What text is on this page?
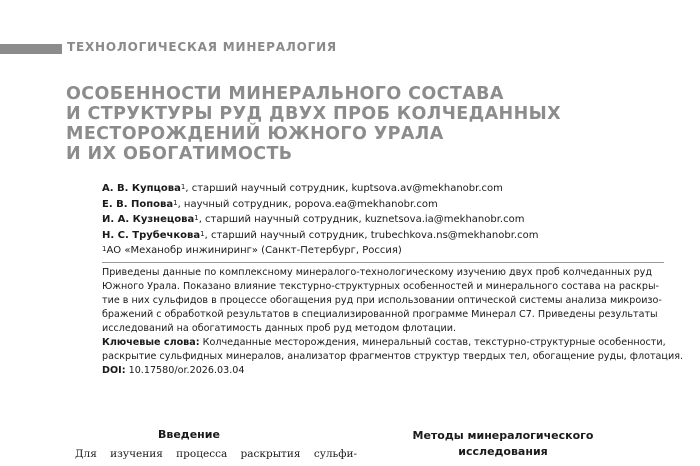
ТЕХНОЛОГИЧЕСКАЯ МИНЕРАЛОГИЯ
ОСОБЕННОСТИ МИНЕРАЛЬНОГО СОСТАВА
И СТРУКТУРЫ РУД ДВУХ ПРОБ КОЛЧЕДАННЫХ
МЕСТОРОЖДЕНИЙ ЮЖНОГО УРАЛА
И ИХ ОБОГАТИМОСТЬ
А. В. Купцова$^1$, старший научный сотрудник, kuptsova.av@mekhanobr.com
Е. В. Попова$^1$, научный сотрудник, popova.ea@mekhanobr.com
И. А. Кузнецова$^1$, старший научный сотрудник, kuznetsova.ia@mekhanobr.com
Н. С. Трубечкова$^1$, старший научный сотрудник, trubechkova.ns@mekhanobr.com
$^1$АО «Механобр инжиниринг» (Санкт-Петербург, Россия)
Приведены данные по комплексному минералого-технологическому изучению двух проб колчеданных руд
Южного Урала. Показано влияние текстурно-структурных особенностей и минерального состава на раскры-
тие в них сульфидов в процессе обогащения руд при использовании оптической системы анализа микроизо-
бражений с обработкой результатов в специализированной программе Минерал С7. Приведены результаты
исследований на обогатимость данных проб руд методом флотации.
Ключевые слова: Колчеданные месторождения, минеральный состав, текстурно-структурные особенности,
раскрытие сульфидных минералов, анализатор фрагментов структур твердых тел, обогащение руды, флотация.
DOI: 10.17580/or.2026.03.04
Введение
Для изучения процесса раскрытия сульфи-
Методы минералогического
исследования
